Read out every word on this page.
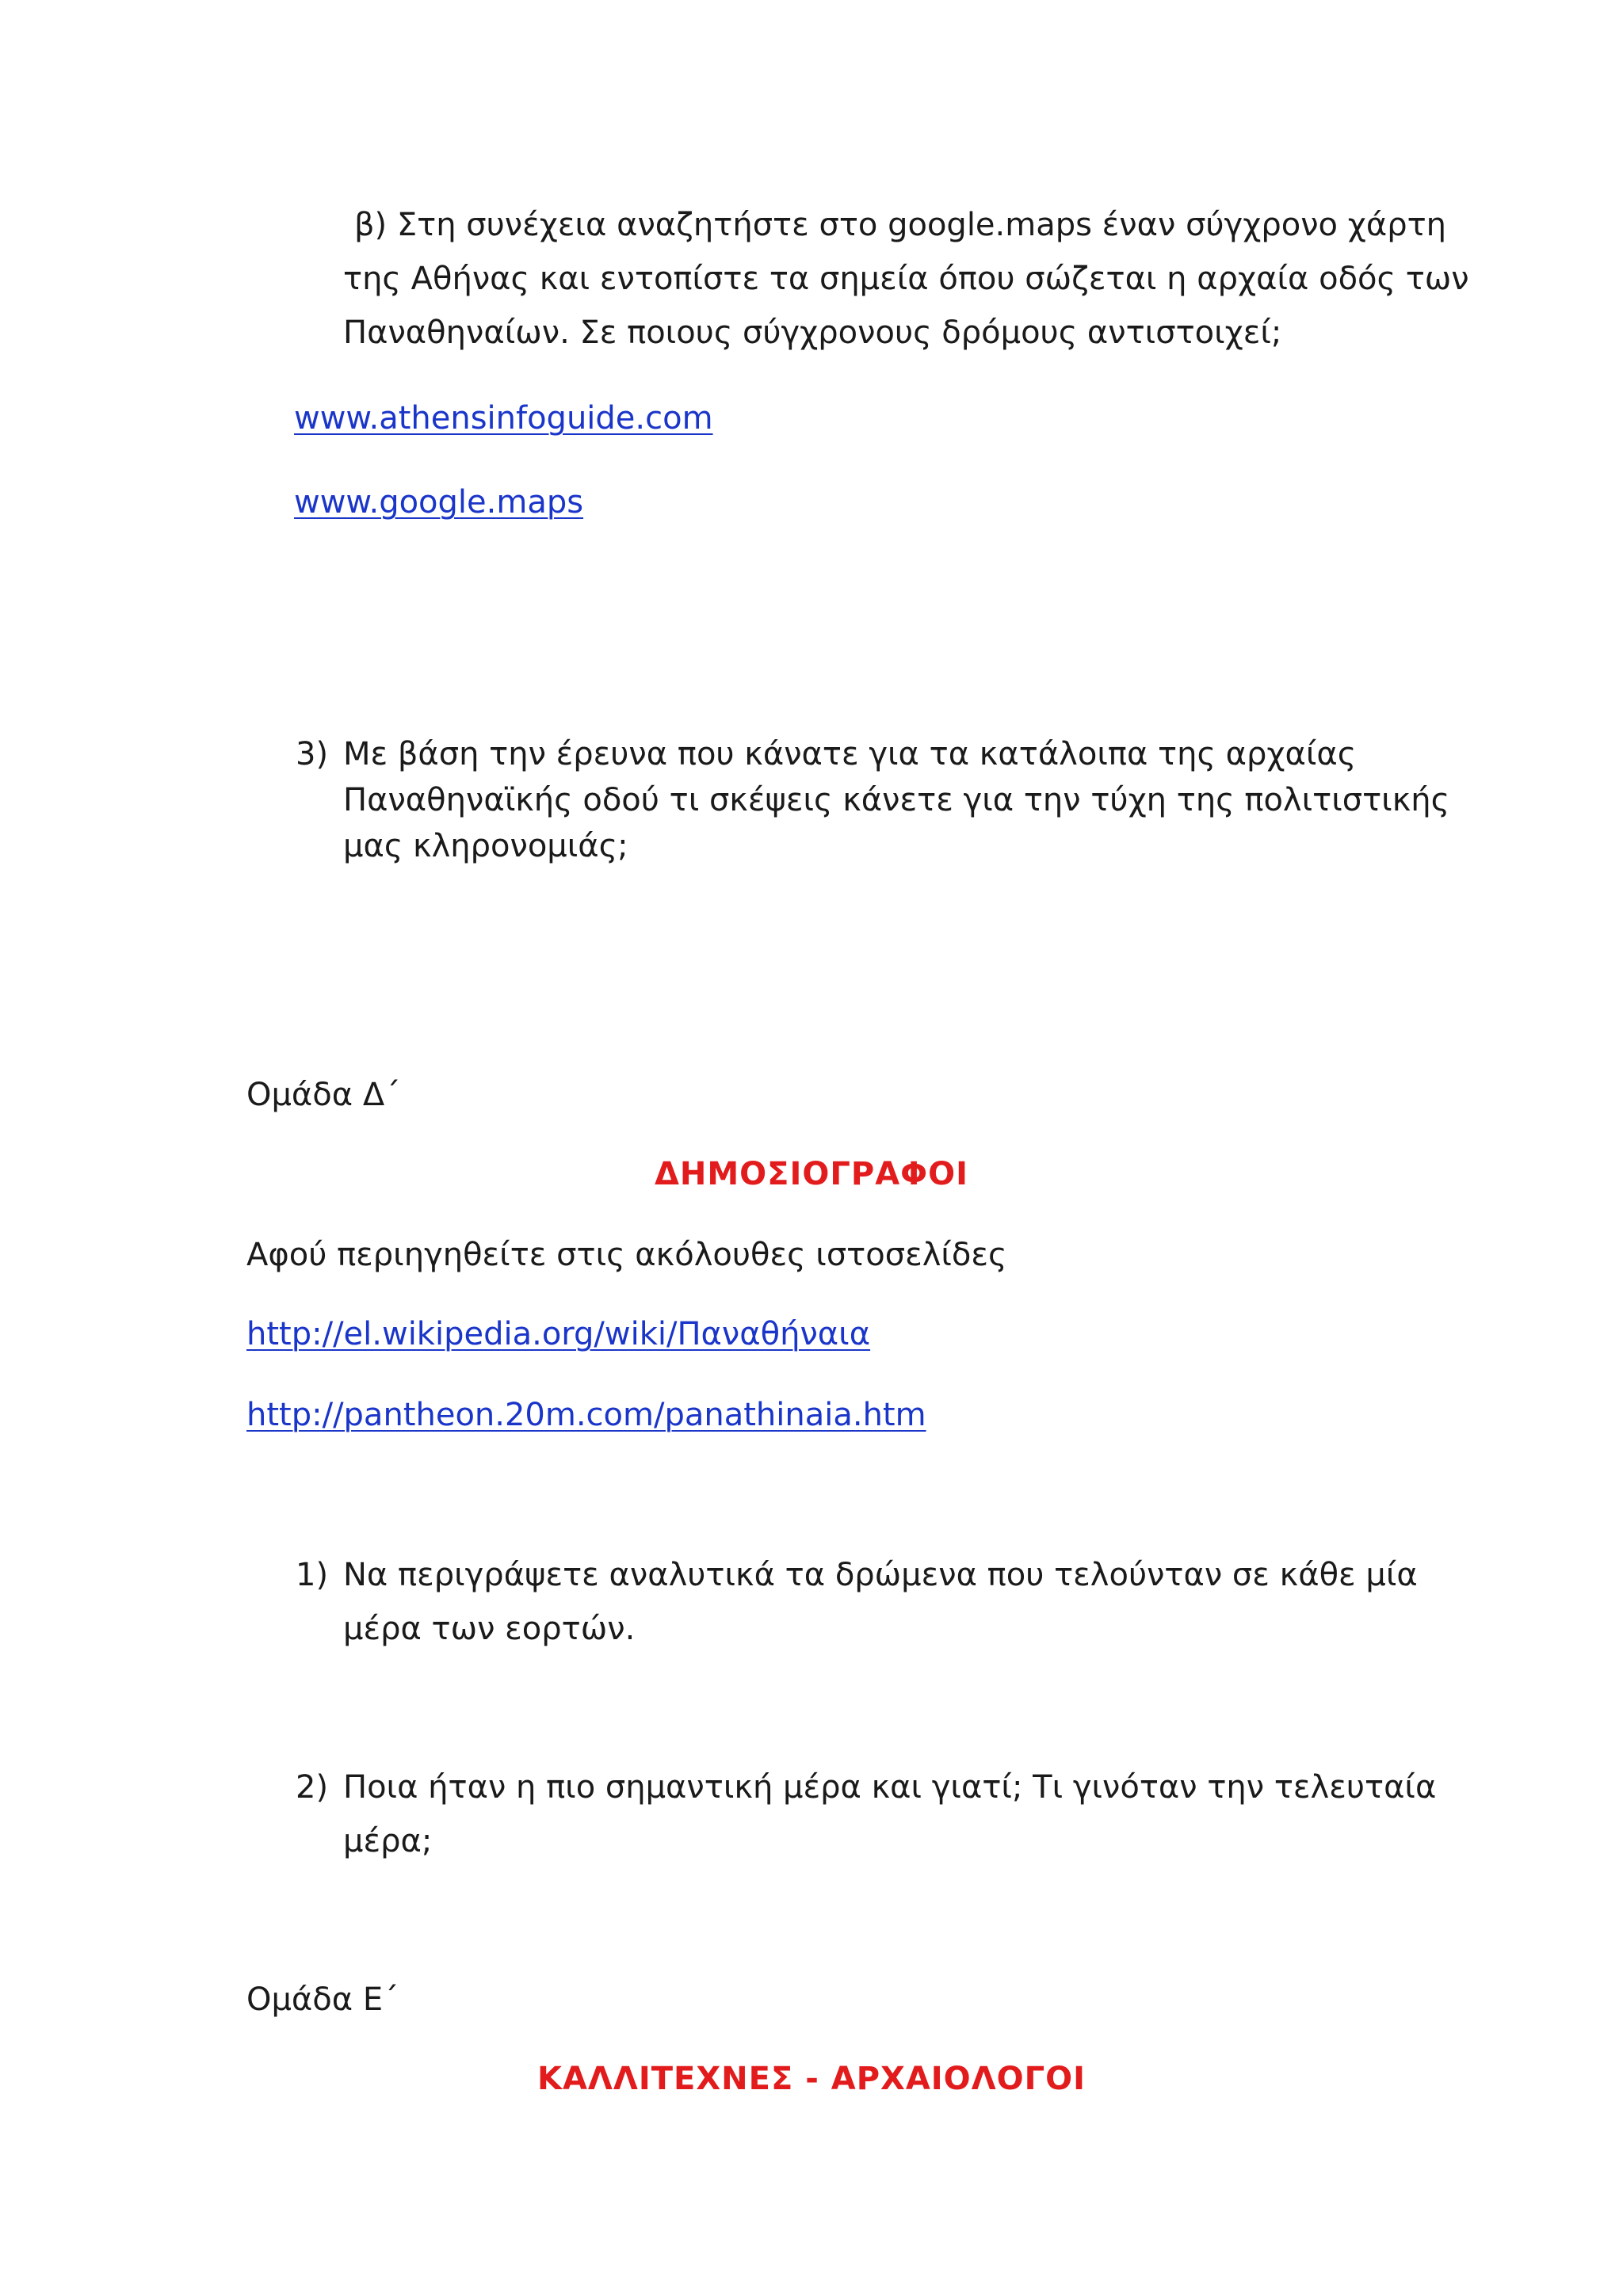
β) Στη συνέχεια αναζητήστε στο google.maps έναν σύγχρονο χάρτη

της Αθήνας και εντοπίστε τα σημεία όπου σώζεται η αρχαία οδός των

Παναθηναίων. Σε ποιους σύγχρονους δρόμους αντιστοιχεί;

www.athensinfoguide.com
www.google.maps
3) Με βάση την έρευνα που κάνατε για τα κατάλοιπα της αρχαίας

Παναθηναϊκής οδού τι σκέψεις κάνετε για την τύχη της πολιτιστικής

μας κληρονομιάς;

Ομάδα Δ΄

ΔΗΜΟΣΙΟΓΡΑΦΟΙ

Αφού περιηγηθείτε στις ακόλουθες ιστοσελίδες

http://el.wikipedia.org/wiki/Παναθήναια
http://pantheon.20m.com/panathinaia.htm
1) Να περιγράψετε αναλυτικά τα δρώμενα που τελούνταν σε κάθε μία

μέρα των εορτών.

2) Ποια ήταν η πιο σημαντική μέρα και γιατί; Τι γινόταν την τελευταία

μέρα;

Ομάδα Ε΄

ΚΑΛΛΙΤΕΧΝΕΣ - ΑΡΧΑΙΟΛΟΓΟΙ
